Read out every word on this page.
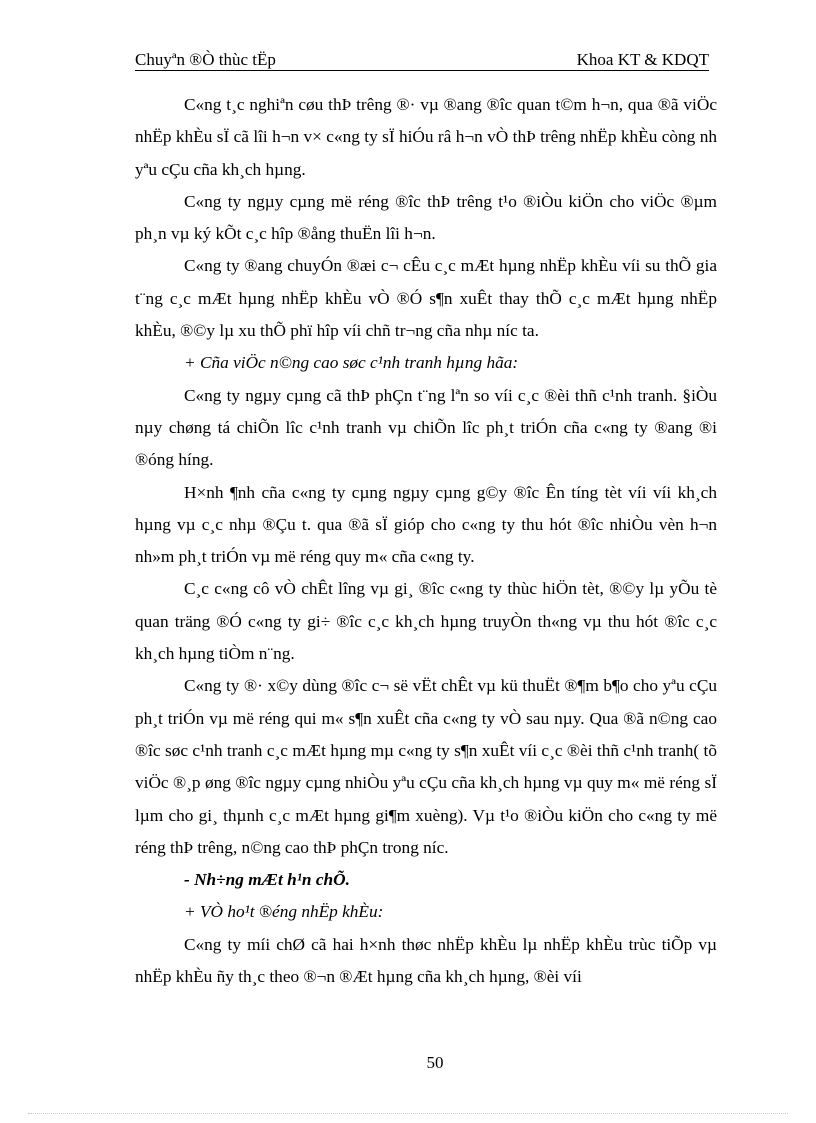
Chuyªn ®Ò thùc tËp	Khoa KT & KDQT

C«ng t¸c nghiªn cøu thÞ trêng ®· vµ ®ang ®îc quan t©m h¬n, qua ®ã viÖc nhËp khÈu sÏ cã lîi h¬n v× c«ng ty sÏ hiÓu râ h¬n vÒ thÞ trêng nhËp khÈu còng nh yªu cÇu cña kh¸ch hµng.

C«ng ty ngµy cµng më réng ®îc thÞ trêng t¹o ®iÒu kiÖn cho viÖc ®µm ph¸n vµ ký kÕt c¸c hîp ®ång thuËn lîi h¬n.

C«ng ty ®ang chuyÓn ®æi c¬ cÊu c¸c mÆt hµng nhËp khÈu víi su thÕ gia t¨ng c¸c mÆt hµng nhËp khÈu vÒ ®Ó s¶n xuÊt thay thÕ c¸c mÆt hµng nhËp khÈu, ®©y lµ xu thÕ phï hîp víi chñ tr¬ng cña nhµ níc ta.

+ Cña viÖc n©ng cao søc c¹nh tranh hµng hãa:

C«ng ty ngµy cµng cã thÞ phÇn t¨ng lªn so víi c¸c ®èi thñ c¹nh tranh. §iÒu nµy chøng tá chiÕn lîc c¹nh tranh vµ chiÕn lîc ph¸t triÓn cña c«ng ty ®ang ®i ®óng híng.

H×nh ¶nh cña c«ng ty cµng ngµy cµng g©y ®îc Ên tíng tèt víi víi kh¸ch hµng vµ c¸c nhµ ®Çu t. qua ®ã sÏ gióp cho c«ng ty thu hót ®îc nhiÒu vèn h¬n nh»m ph¸t triÓn vµ më réng quy m« cña c«ng ty.

C¸c c«ng cô vÒ chÊt lîng vµ gi¸ ®îc c«ng ty thùc hiÖn tèt, ®©y lµ yÕu tè quan träng ®Ó c«ng ty gi÷ ®îc c¸c kh¸ch hµng truyÒn th«ng vµ thu hót ®îc c¸c kh¸ch hµng tiÒm n¨ng.

C«ng ty ®· x©y dùng ®îc c¬ së vËt chÊt vµ kü thuËt ®¶m b¶o cho yªu cÇu ph¸t triÓn vµ më réng qui m« s¶n xuÊt cña c«ng ty vÒ sau nµy. Qua ®ã n©ng cao ®îc søc c¹nh tranh c¸c mÆt hµng mµ c«ng ty s¶n xuÊt víi c¸c ®èi thñ c¹nh tranh( tõ viÖc ®¸p øng ®îc ngµy cµng nhiÒu yªu cÇu cña kh¸ch hµng vµ quy m« më réng sÏ lµm cho gi¸ thµnh c¸c mÆt hµng gi¶m xuèng). Vµ t¹o ®iÒu kiÖn cho c«ng ty më réng thÞ trêng, n©ng cao thÞ phÇn trong níc.

- Nh÷ng mÆt h¹n chÕ.

+ VÒ ho¹t ®éng nhËp khÈu:

C«ng ty míi chØ cã hai h×nh thøc nhËp khÈu lµ nhËp khÈu trùc tiÕp vµ nhËp khÈu ñy th¸c theo ®¬n ®Æt hµng cña kh¸ch hµng, ®èi víi

50
